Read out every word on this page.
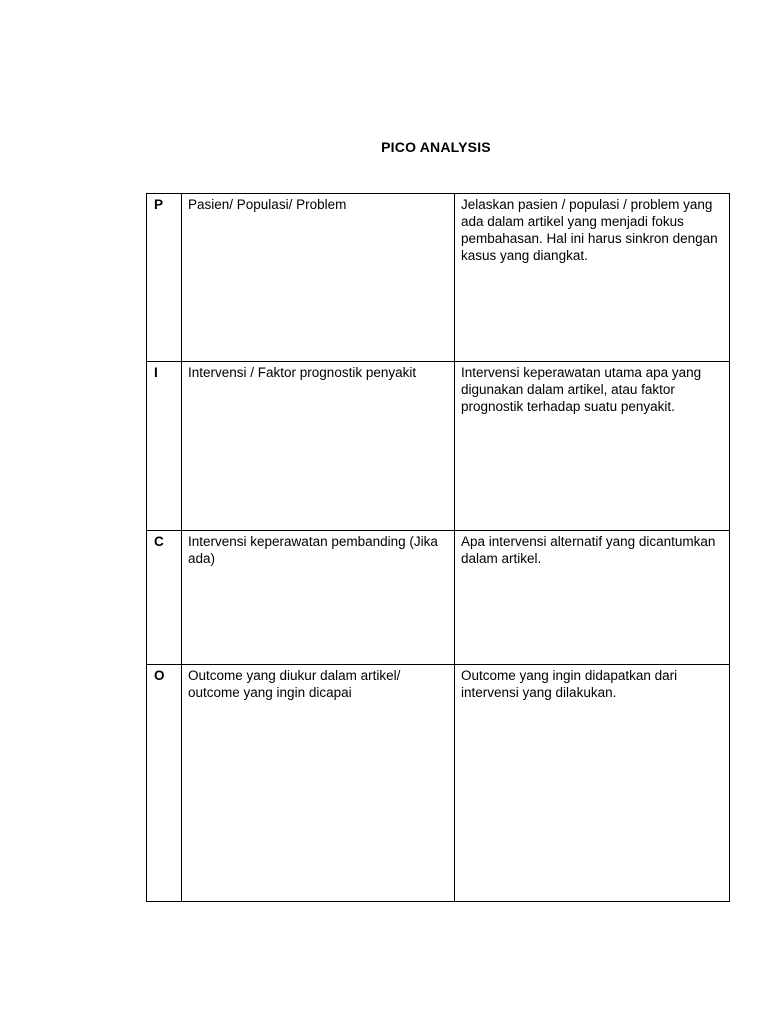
PICO ANALYSIS
P	Pasien/ Populasi/ Problem	Jelaskan pasien / populasi / problem yang ada dalam artikel yang menjadi fokus pembahasan. Hal ini harus sinkron dengan kasus yang diangkat.
I	Intervensi / Faktor prognostik penyakit	Intervensi keperawatan utama apa yang digunakan dalam artikel, atau faktor prognostik terhadap suatu penyakit.
C	Intervensi keperawatan pembanding (Jika ada)	Apa intervensi alternatif yang dicantumkan dalam artikel.
O	Outcome yang diukur dalam artikel/ outcome yang ingin dicapai	Outcome yang ingin didapatkan dari intervensi yang dilakukan.
